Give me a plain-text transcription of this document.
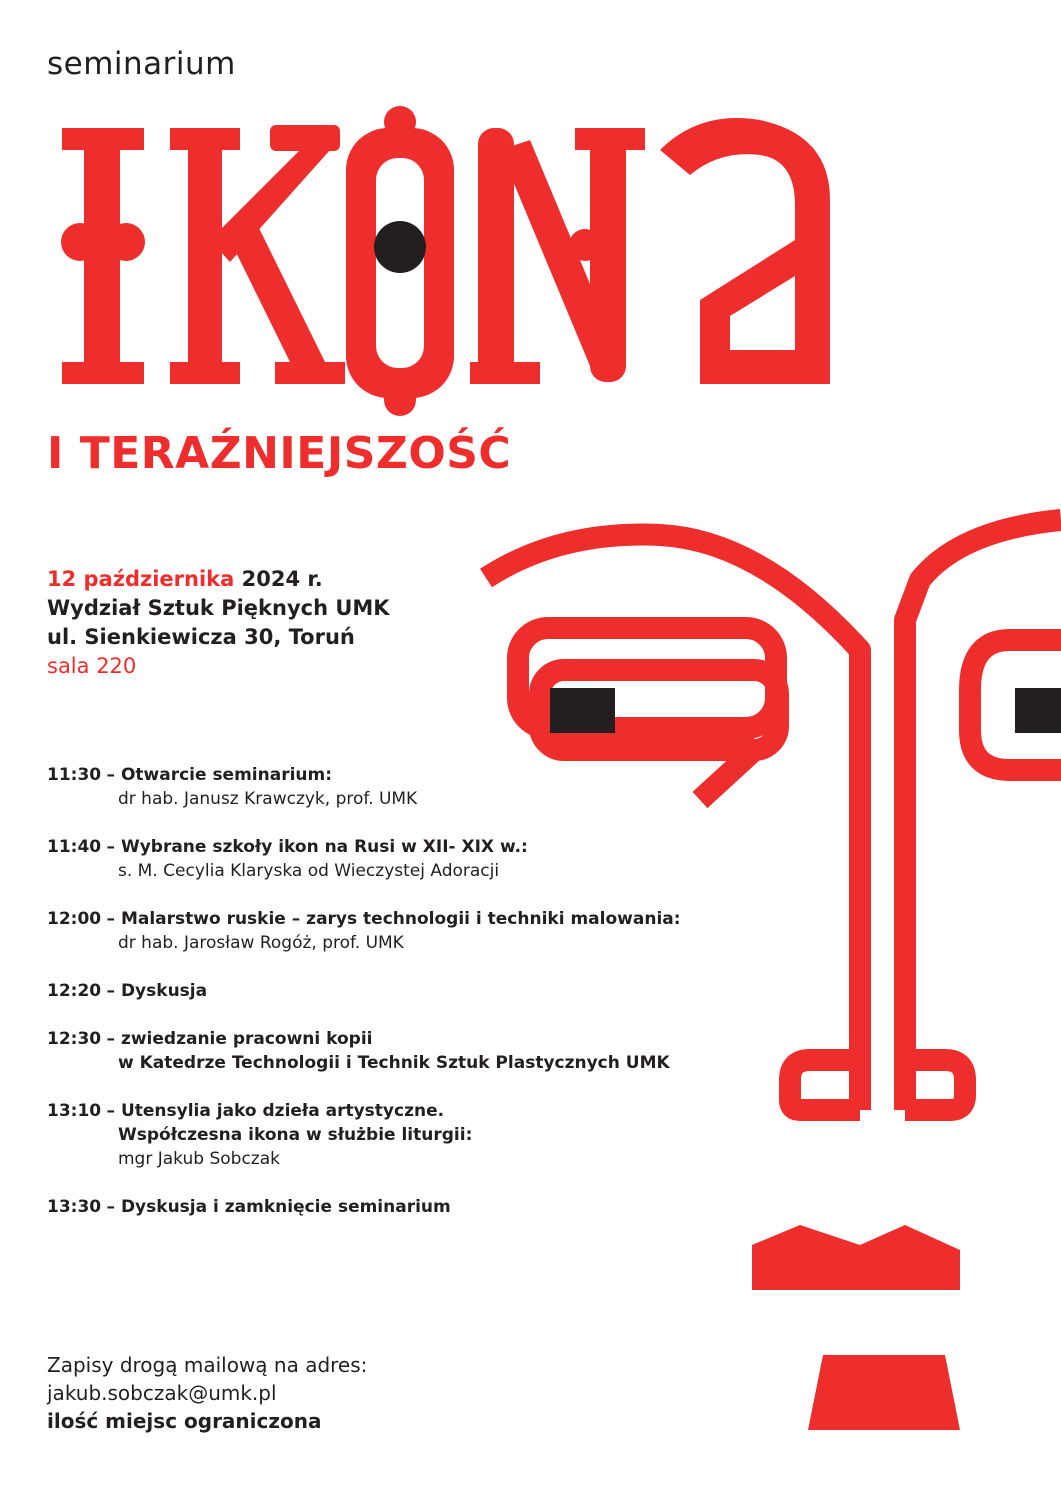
seminarium
I TERAŹNIEJSZOŚĆ
12 października 2024 r.
Wydział Sztuk Pięknych UMK
ul. Sienkiewicza 30, Toruń
sala 220
11:30 – Otwarcie seminarium:
dr hab. Janusz Krawczyk, prof. UMK
11:40 – Wybrane szkoły ikon na Rusi w XII- XIX w.:
s. M. Cecylia Klaryska od Wieczystej Adoracji
12:00 – Malarstwo ruskie – zarys technologii i techniki malowania:
dr hab. Jarosław Rogóż, prof. UMK
12:20 – Dyskusja
12:30 – zwiedzanie pracowni kopii
w Katedrze Technologii i Technik Sztuk Plastycznych UMK
13:10 – Utensylia jako dzieła artystyczne.
Współczesna ikona w służbie liturgii:
mgr Jakub Sobczak
13:30 – Dyskusja i zamknięcie seminarium
Zapisy drogą mailową na adres:
jakub.sobczak@umk.pl
ilość miejsc ograniczona
